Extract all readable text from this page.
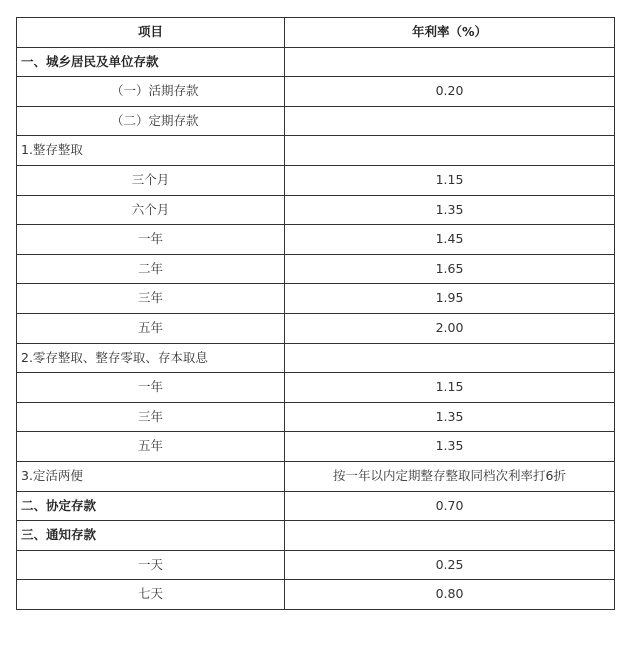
项目	年利率（%）
一、城乡居民及单位存款	
（一）活期存款	0.20
（二）定期存款	
1.整存整取	
三个月	1.15
六个月	1.35
一年	1.45
二年	1.65
三年	1.95
五年	2.00
2.零存整取、整存零取、存本取息	
一年	1.15
三年	1.35
五年	1.35
3.定活两便	按一年以内定期整存整取同档次利率打6折
二、协定存款	0.70
三、通知存款	
一天	0.25
七天	0.80
